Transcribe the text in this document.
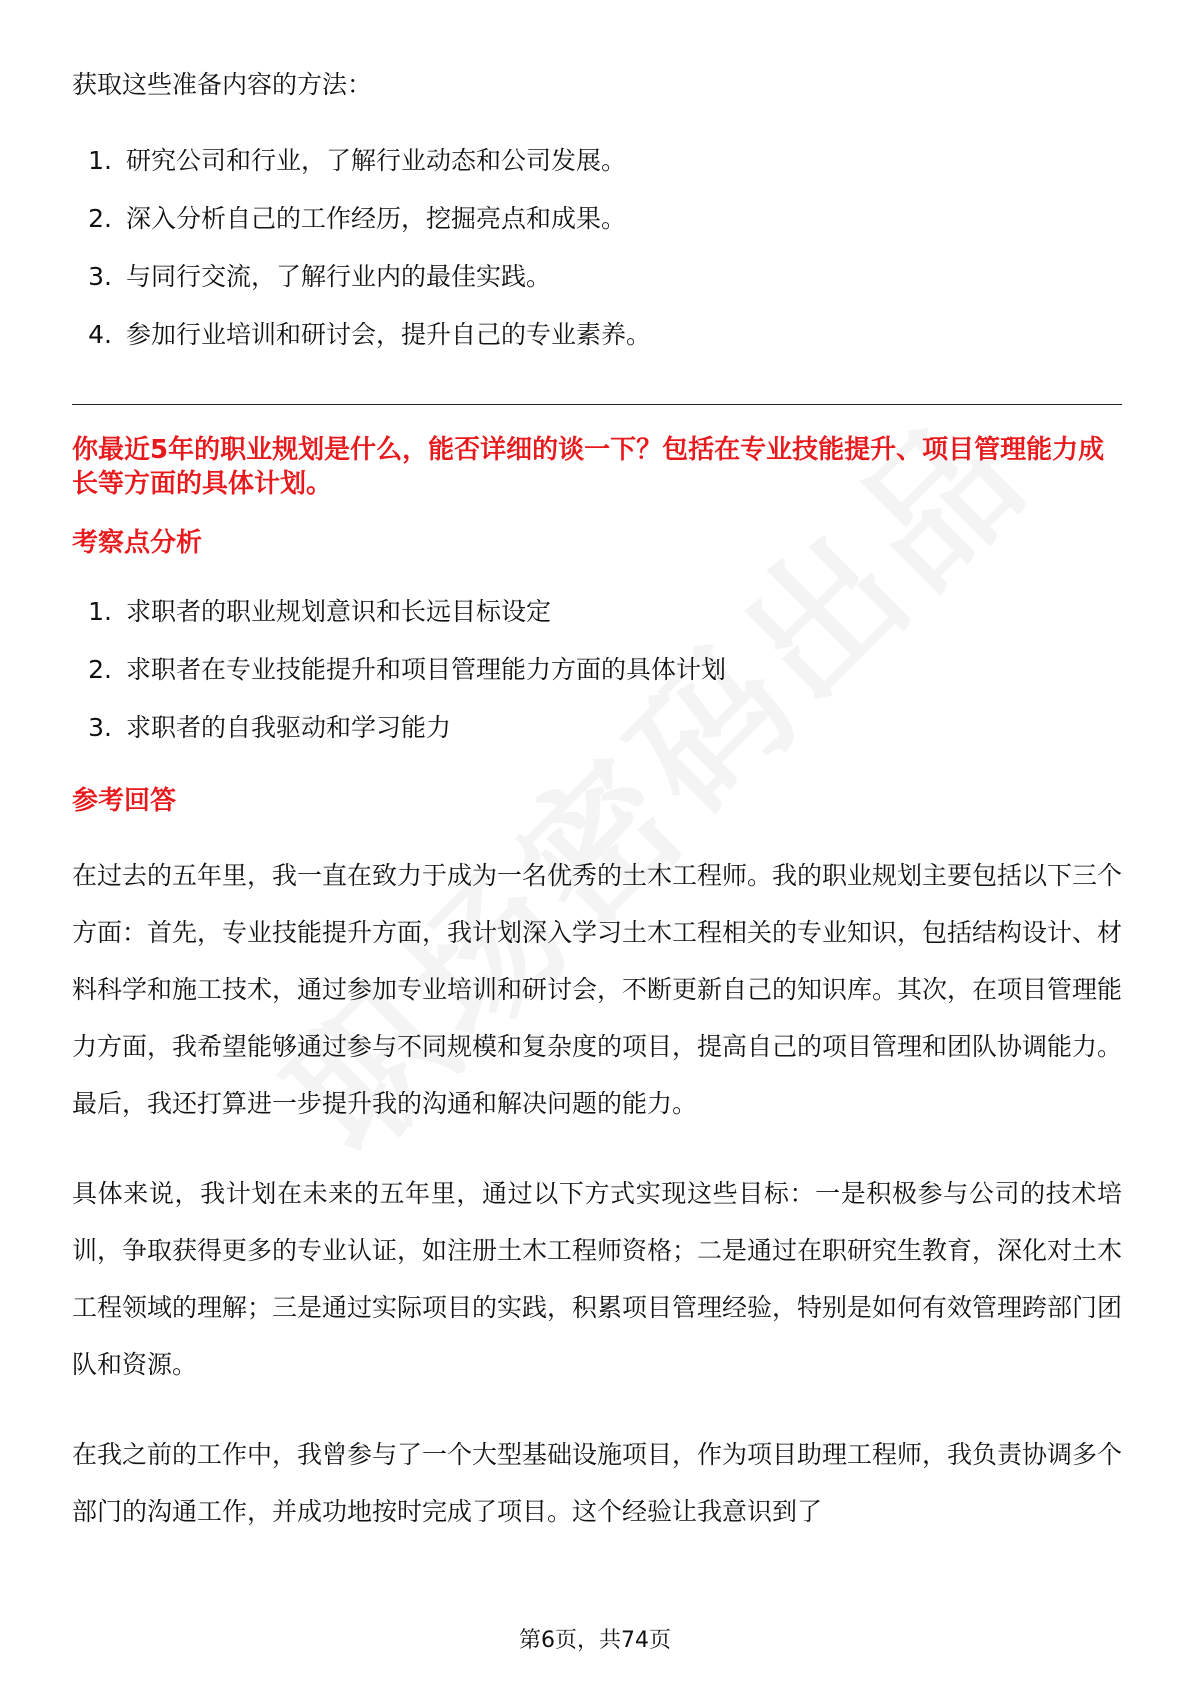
获取这些准备内容的方法：

1. 研究公司和行业，了解行业动态和公司发展。
2. 深入分析自己的工作经历，挖掘亮点和成果。
3. 与同行交流，了解行业内的最佳实践。
4. 参加行业培训和研讨会，提升自己的专业素养。

你最近5年的职业规划是什么，能否详细的谈一下？包括在专业技能提升、项目管理能力成长等方面的具体计划。

考察点分析
1. 求职者的职业规划意识和长远目标设定
2. 求职者在专业技能提升和项目管理能力方面的具体计划
3. 求职者的自我驱动和学习能力
参考回答

在过去的五年里，我一直在致力于成为一名优秀的土木工程师。我的职业规划主要包括以下三个方面：首先，专业技能提升方面，我计划深入学习土木工程相关的专业知识，包括结构设计、材料科学和施工技术，通过参加专业培训和研讨会，不断更新自己的知识库。其次，在项目管理能力方面，我希望能够通过参与不同规模和复杂度的项目，提高自己的项目管理和团队协调能力。最后，我还打算进一步提升我的沟通和解决问题的能力。

具体来说，我计划在未来的五年里，通过以下方式实现这些目标：一是积极参与公司的技术培训，争取获得更多的专业认证，如注册土木工程师资格；二是通过在职研究生教育，深化对土木工程领域的理解；三是通过实际项目的实践，积累项目管理经验，特别是如何有效管理跨部门团队和资源。

在我之前的工作中，我曾参与了一个大型基础设施项目，作为项目助理工程师，我负责协调多个部门的沟通工作，并成功地按时完成了项目。这个经验让我意识到了

第6页，共74页
